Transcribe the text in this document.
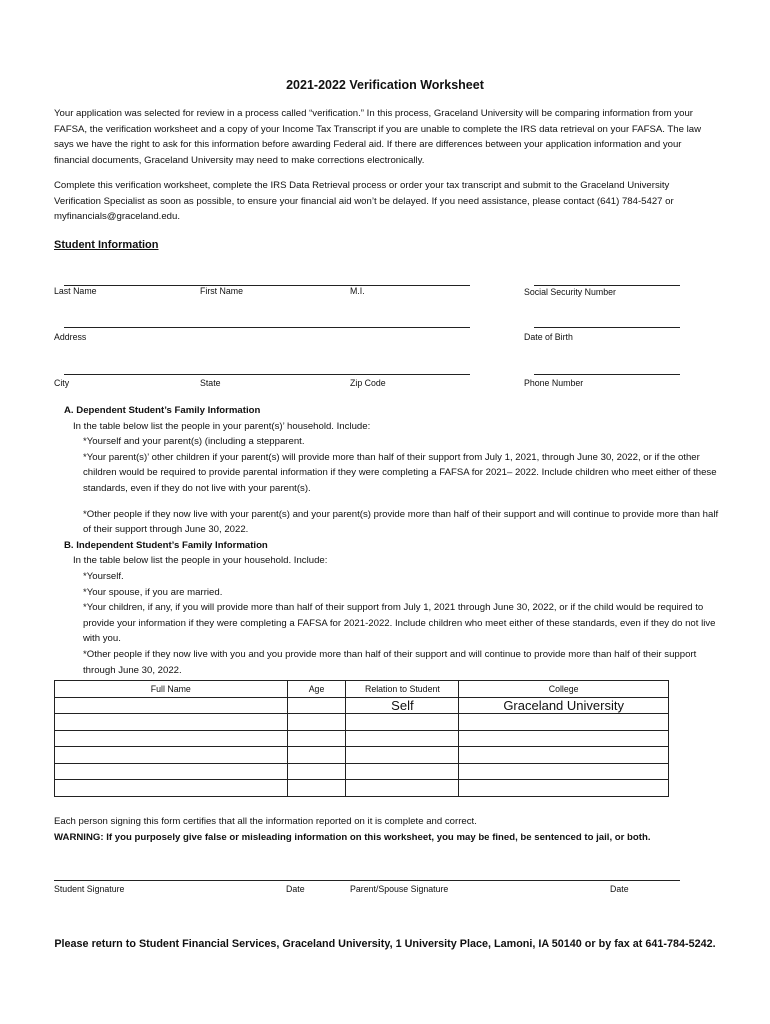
2021-2022 Verification Worksheet

Your application was selected for review in a process called “verification.” In this process, Graceland University will be comparing information from your FAFSA, the verification worksheet and a copy of your Income Tax Transcript if you are unable to complete the IRS data retrieval on your FAFSA. The law says we have the right to ask for this information before awarding Federal aid. If there are differences between your application information and your financial documents, Graceland University may need to make corrections electronically.

Complete this verification worksheet, complete the IRS Data Retrieval process or order your tax transcript and submit to the Graceland University Verification Specialist as soon as possible, to ensure your financial aid won’t be delayed. If you need assistance, please contact (641) 784-5427 or myfinancials@graceland.edu.

Student Information
Last Name	First Name	M.I.	Social Security Number
Address	Date of Birth
City	State	Zip Code	Phone Number
A. Dependent Student’s Family Information
In the table below list the people in your parent(s)’ household. Include:
*Yourself and your parent(s) (including a stepparent.
*Your parent(s)’ other children if your parent(s) will provide more than half of their support from July 1, 2021, through June 30, 2022, or if the other children would be required to provide parental information if they were completing a FAFSA for 2021– 2022. Include children who meet either of these standards, even if they do not live with your parent(s).
*Other people if they now live with your parent(s) and your parent(s) provide more than half of their support and will continue to provide more than half of their support through June 30, 2022.
B. Independent Student’s Family Information
In the table below list the people in your household. Include:
*Yourself.
*Your spouse, if you are married.
*Your children, if any, if you will provide more than half of their support from July 1, 2021 through June 30, 2022, or if the child would be required to provide your information if they were completing a FAFSA for 2021-2022. Include children who meet either of these standards, even if they do not live with you.
*Other people if they now live with you and you provide more than half of their support and will continue to provide more than half of their support through June 30, 2022.
Full Name	Age	Relation to Student	College
		Self	Graceland University

Each person signing this form certifies that all the information reported on it is complete and correct.
WARNING: If you purposely give false or misleading information on this worksheet, you may be fined, be sentenced to jail, or both.
Student Signature	Date	Parent/Spouse Signature	Date
Please return to Student Financial Services, Graceland University, 1 University Place, Lamoni, IA 50140 or by fax at 641-784-5242.
